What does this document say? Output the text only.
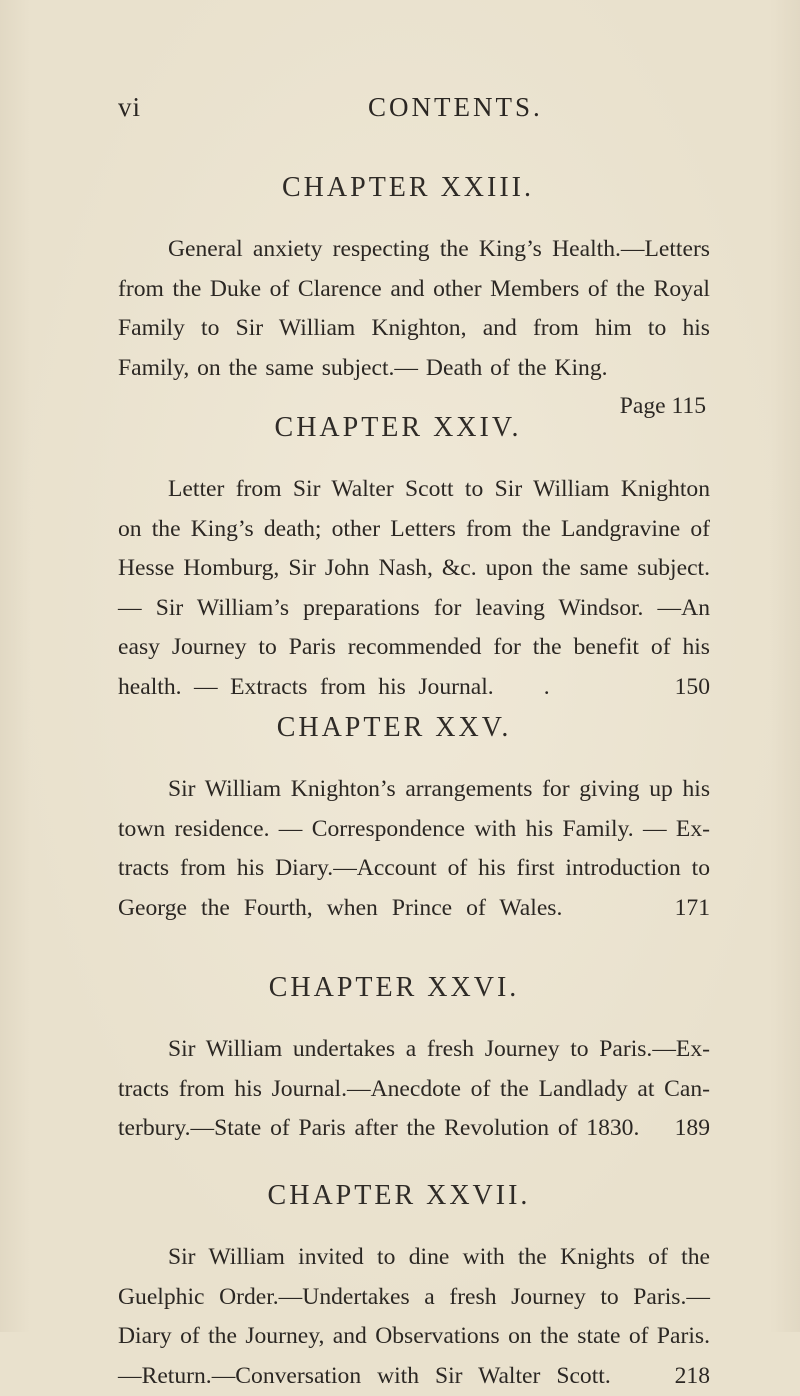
vi	CONTENTS.
CHAPTER XXIII.

General anxiety respecting the King’s Health.—Letters from the Duke of Clarence and other Members of the Royal Family to Sir William Knighton, and from him to his Family, on the same subject.— Death of the King.

Page 115

CHAPTER XXIV.

Letter from Sir Walter Scott to Sir William Knighton on the King’s death; other Letters from the Landgravine of Hesse Homburg, Sir John Nash, &c. upon the same subject. — Sir William’s preparations for leaving Windsor. —An easy Journey to Paris recommended for the benefit of his health. — Extracts from his Journal.    .          150

CHAPTER XXV.

Sir William Knighton’s arrangements for giving up his town residence. — Correspondence with his Family. — Ex- tracts from his Diary.—Account of his first introduction to George the Fourth, when Prince of Wales.	171

CHAPTER XXVI.

Sir William undertakes a fresh Journey to Paris.—Ex- tracts from his Journal.—Anecdote of the Landlady at Can- terbury.—State of Paris after the Revolution of 1830. 189

CHAPTER XXVII.

Sir William invited to dine with the Knights of the Guelphic Order.—Undertakes a fresh Journey to Paris.— Diary of the Journey, and Observations on the state of Paris.—Return.—Conversation with Sir Walter Scott.	218
